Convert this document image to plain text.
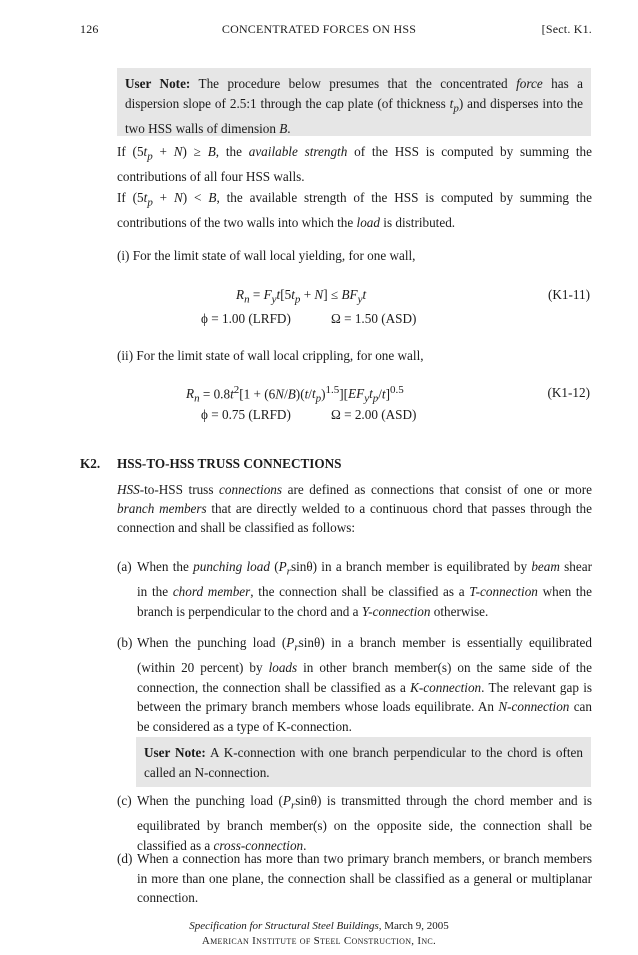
126	CONCENTRATED FORCES ON HSS	[Sect. K1.
User Note: The procedure below presumes that the concentrated force has a dispersion slope of 2.5:1 through the cap plate (of thickness $t_p$) and disperses into the two HSS walls of dimension B.
If $(5t_p + N) \ge B$, the available strength of the HSS is computed by summing the contributions of all four HSS walls.
If $(5t_p + N) < B$, the available strength of the HSS is computed by summing the contributions of the two walls into which the load is distributed.
(i) For the limit state of wall local yielding, for one wall,
$R_n = F_yt[5t_p + N] \le BF_yt$	(K1-11)
ϕ = 1.00 (LRFD)	Ω = 1.50 (ASD)
(ii) For the limit state of wall local crippling, for one wall,
$R_n = 0.8t^2[1 + (6N/B)(t/t_p)^{1.5}][EF_yt_p/t]^{0.5}$	(K1-12)
ϕ = 0.75 (LRFD)	Ω = 2.00 (ASD)
K2. HSS-TO-HSS TRUSS CONNECTIONS
HSS-to-HSS truss connections are defined as connections that consist of one or more branch members that are directly welded to a continuous chord that passes through the connection and shall be classified as follows:
(a) When the punching load $(P_r\sin\theta)$ in a branch member is equilibrated by beam shear in the chord member, the connection shall be classified as a T-connection when the branch is perpendicular to the chord and a Y-connection otherwise.
(b) When the punching load $(P_r\sin\theta)$ in a branch member is essentially equilibrated (within 20 percent) by loads in other branch member(s) on the same side of the connection, the connection shall be classified as a K-connection. The relevant gap is between the primary branch members whose loads equilibrate. An N-connection can be considered as a type of K-connection.
User Note: A K-connection with one branch perpendicular to the chord is often called an N-connection.
(c) When the punching load $(P_r\sin\theta)$ is transmitted through the chord member and is equilibrated by branch member(s) on the opposite side, the connection shall be classified as a cross-connection.
(d) When a connection has more than two primary branch members, or branch members in more than one plane, the connection shall be classified as a general or multiplanar connection.
Specification for Structural Steel Buildings, March 9, 2005
American Institute of Steel Construction, Inc.
